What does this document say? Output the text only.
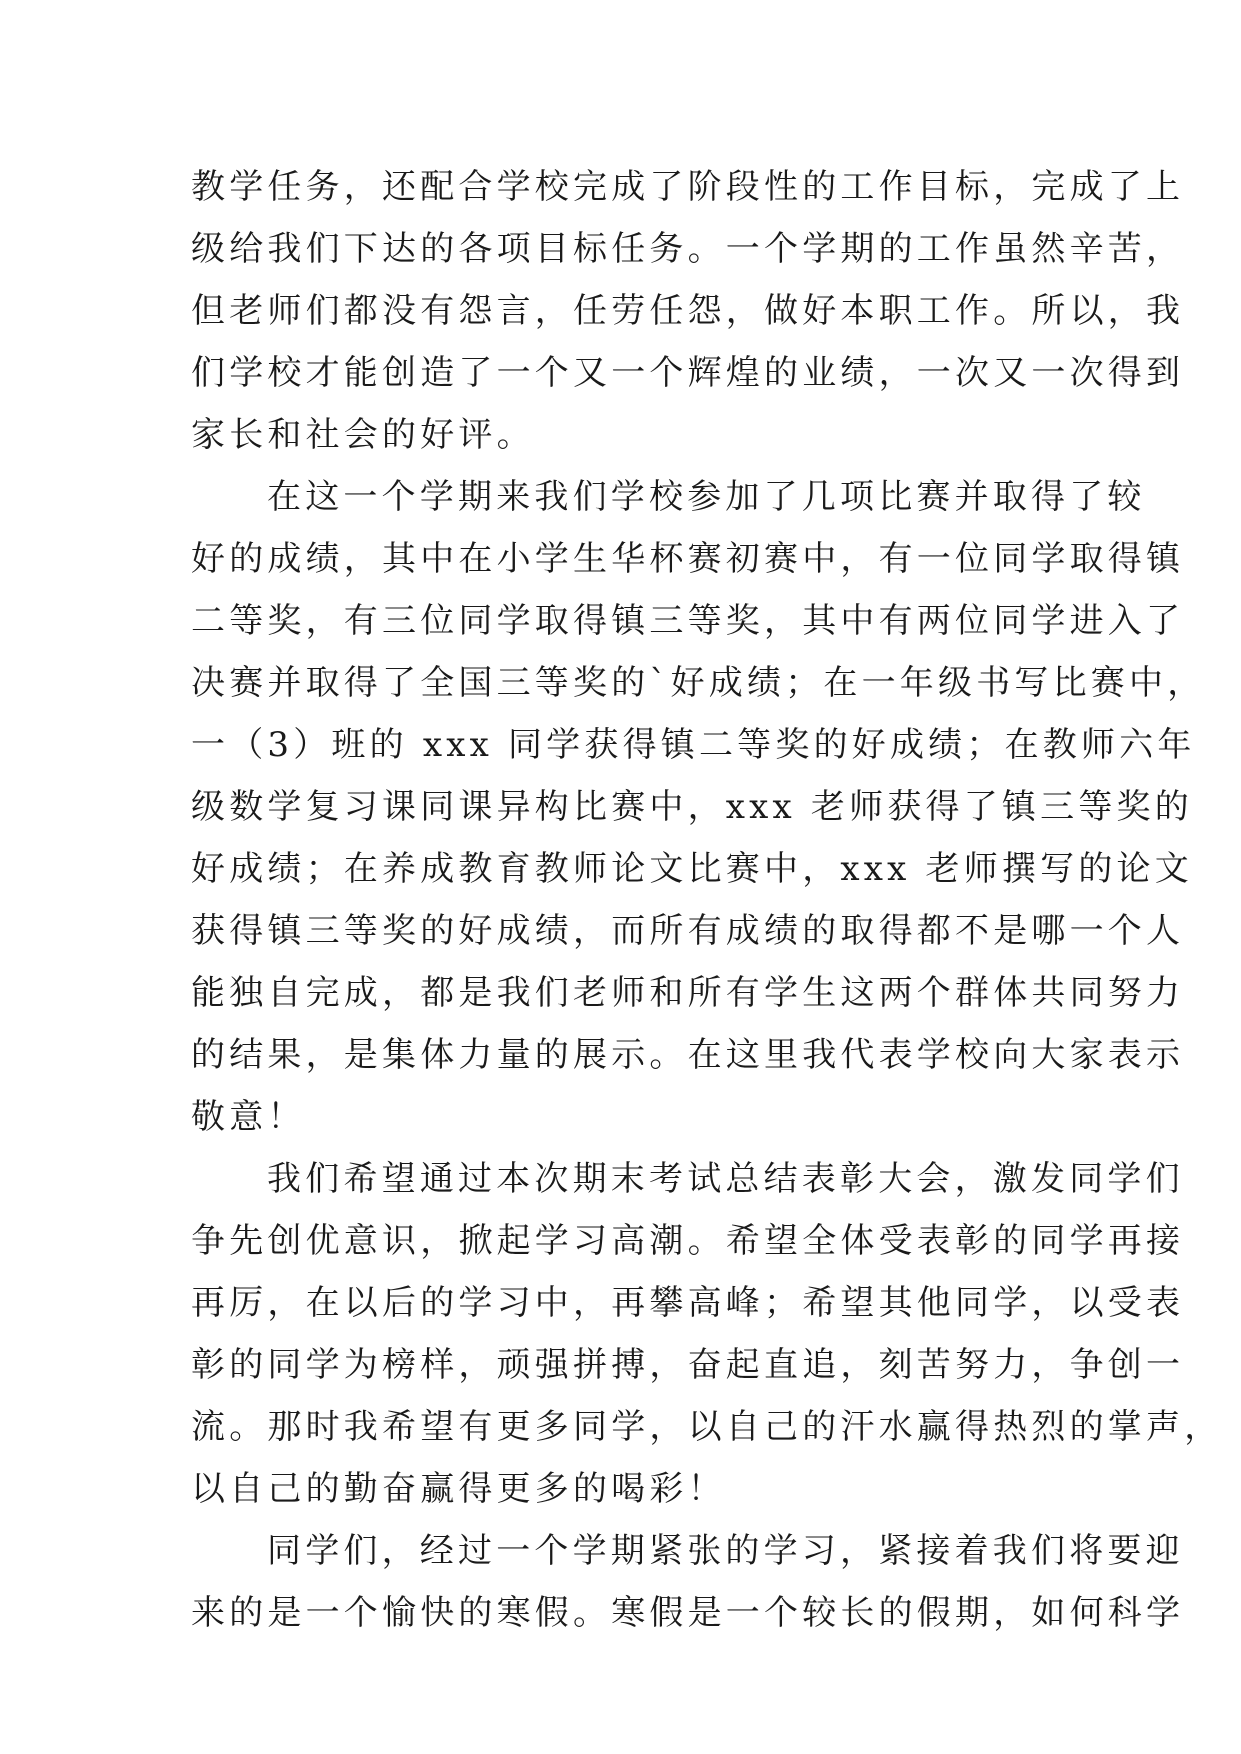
教学任务，还配合学校完成了阶段性的工作目标，完成了上
级给我们下达的各项目标任务。一个学期的工作虽然辛苦，
但老师们都没有怨言，任劳任怨，做好本职工作。所以，我
们学校才能创造了一个又一个辉煌的业绩，一次又一次得到
家长和社会的好评。
在这一个学期来我们学校参加了几项比赛并取得了较
好的成绩，其中在小学生华杯赛初赛中，有一位同学取得镇
二等奖，有三位同学取得镇三等奖，其中有两位同学进入了
决赛并取得了全国三等奖的`好成绩；在一年级书写比赛中，
一（3）班的 xxx 同学获得镇二等奖的好成绩；在教师六年
级数学复习课同课异构比赛中，xxx 老师获得了镇三等奖的
好成绩；在养成教育教师论文比赛中，xxx 老师撰写的论文
获得镇三等奖的好成绩，而所有成绩的取得都不是哪一个人
能独自完成，都是我们老师和所有学生这两个群体共同努力
的结果，是集体力量的展示。在这里我代表学校向大家表示
敬意！
我们希望通过本次期末考试总结表彰大会，激发同学们
争先创优意识，掀起学习高潮。希望全体受表彰的同学再接
再厉，在以后的学习中，再攀高峰；希望其他同学，以受表
彰的同学为榜样，顽强拼搏，奋起直追，刻苦努力，争创一
流。那时我希望有更多同学，以自己的汗水赢得热烈的掌声，
以自己的勤奋赢得更多的喝彩！
同学们，经过一个学期紧张的学习，紧接着我们将要迎
来的是一个愉快的寒假。寒假是一个较长的假期，如何科学
